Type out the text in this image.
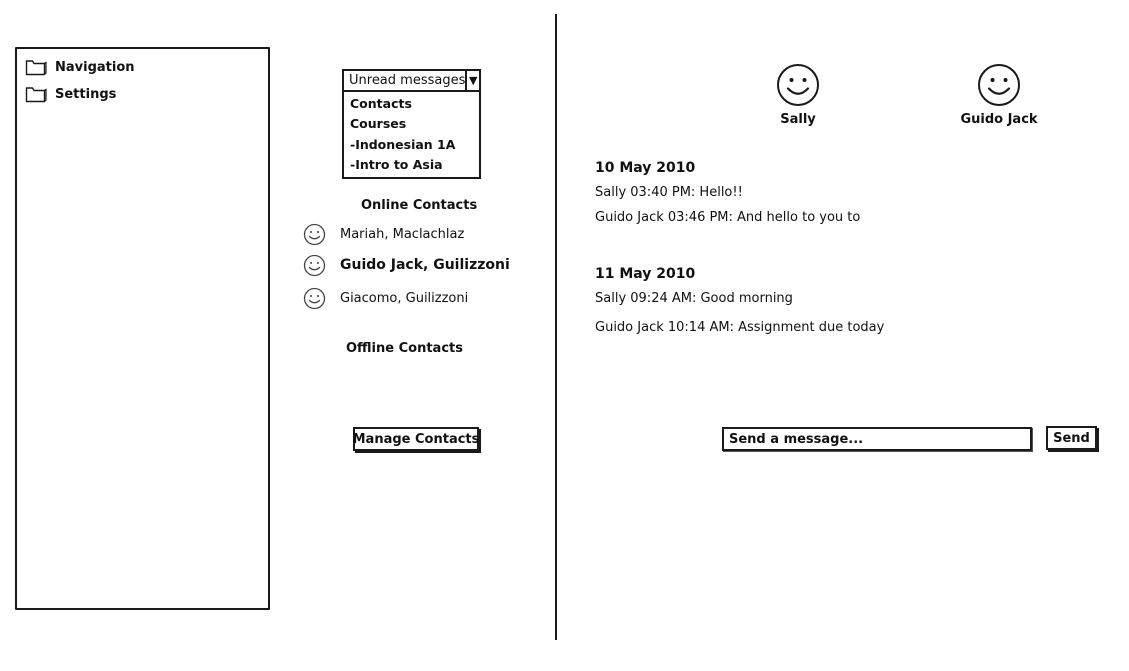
Navigation
Settings
Unread messages ▼
Contacts
Courses
-Indonesian 1A
-Intro to Asia
Online Contacts
Mariah, Maclachlaz
Guido Jack, Guilizzoni
Giacomo, Guilizzoni
Offline Contacts
Manage Contacts
Sally	Guido Jack
10 May 2010
Sally 03:40 PM: Hello!!
Guido Jack 03:46 PM: And hello to you to
11 May 2010
Sally 09:24 AM: Good morning
Guido Jack 10:14 AM: Assignment due today
Send a message...
Send
